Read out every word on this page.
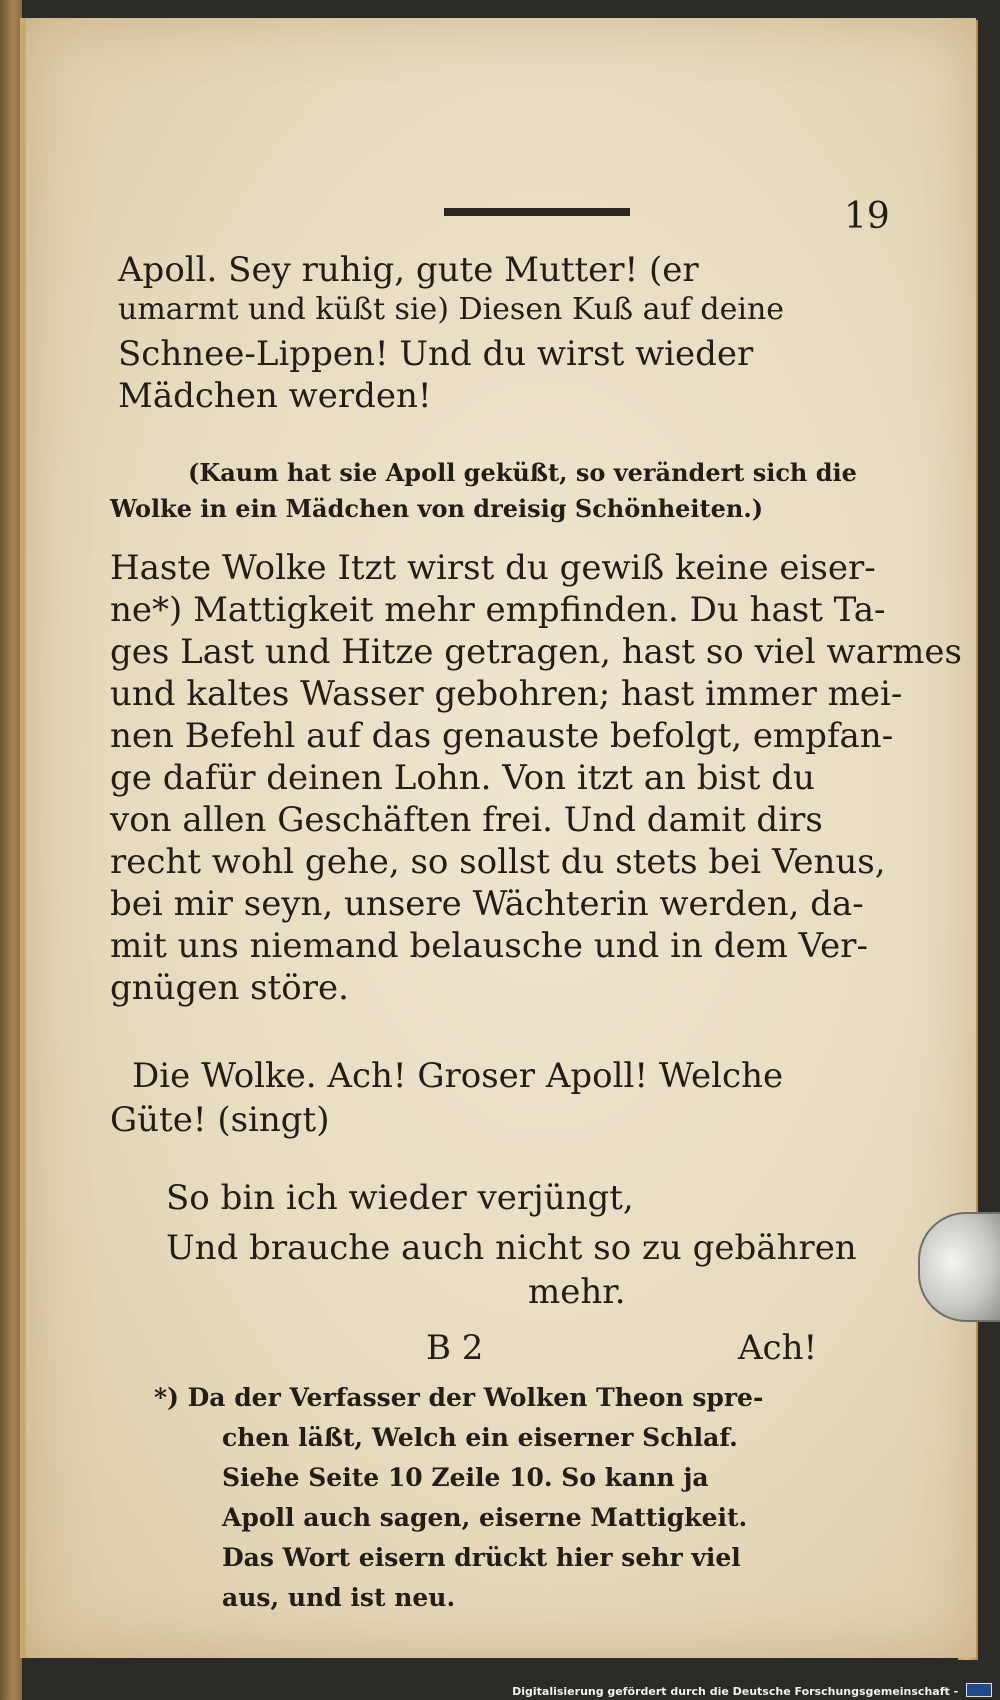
19
Apoll. Sey ruhig, gute Mutter! (er
umarmt und küßt sie) Diesen Kuß auf deine
Schnee-Lippen! Und du wirst wieder
Mädchen werden!
(Kaum hat sie Apoll geküßt, so verändert sich die
Wolke in ein Mädchen von dreisig Schönheiten.)
Haste Wolke Itzt wirst du gewiß keine eiser-
ne*) Mattigkeit mehr empfinden. Du hast Ta-
ges Last und Hitze getragen, hast so viel warmes
und kaltes Wasser gebohren; hast immer mei-
nen Befehl auf das genauste befolgt, empfan-
ge dafür deinen Lohn. Von itzt an bist du
von allen Geschäften frei. Und damit dirs
recht wohl gehe, so sollst du stets bei Venus,
bei mir seyn, unsere Wächterin werden, da-
mit uns niemand belausche und in dem Ver-
gnügen störe.
Die Wolke. Ach! Groser Apoll! Welche
Güte! (singt)
So bin ich wieder verjüngt,
Und brauche auch nicht so zu gebähren
mehr.
B 2	Ach!
*) Da der Verfasser der Wolken Theon spre-
chen läßt, Welch ein eiserner Schlaf.
Siehe Seite 10 Zeile 10. So kann ja
Apoll auch sagen, eiserne Mattigkeit.
Das Wort eisern drückt hier sehr viel
aus, und ist neu.
Digitalisierung gefördert durch die Deutsche Forschungsgemeinschaft -
